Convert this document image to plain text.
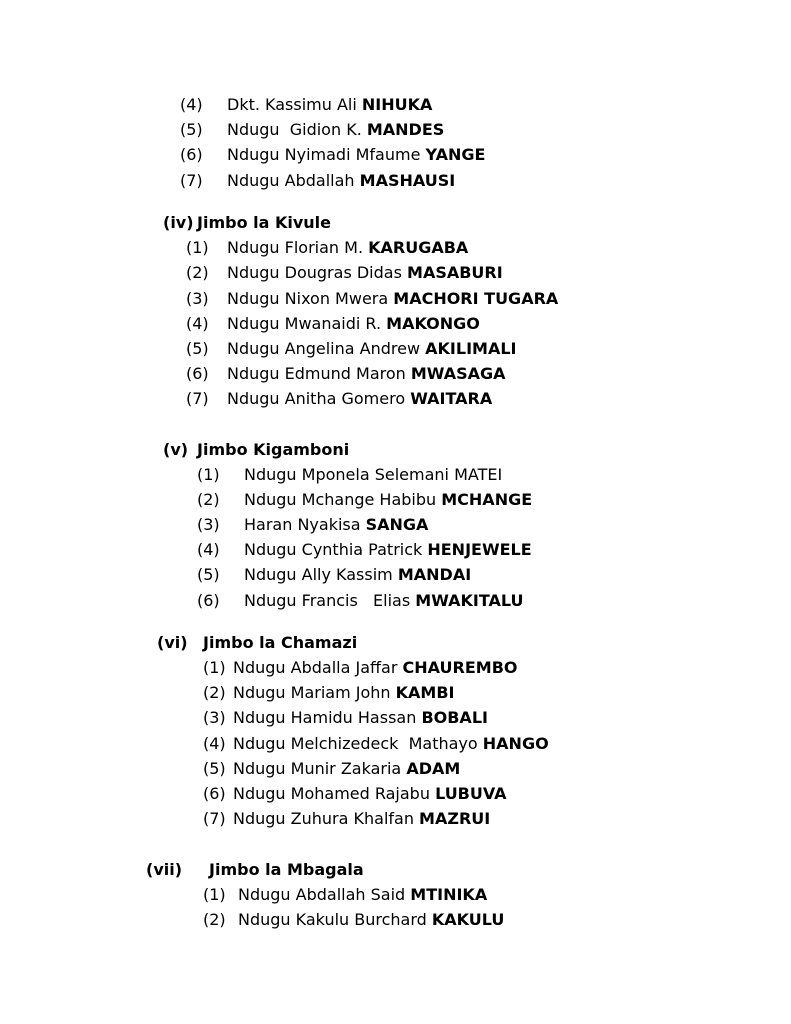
(4) Dkt. Kassimu Ali NIHUKA
(5) Ndugu  Gidion K. MANDES
(6) Ndugu Nyimadi Mfaume YANGE
(7) Ndugu Abdallah MASHAUSI
(iv) Jimbo la Kivule
(1) Ndugu Florian M. KARUGABA
(2) Ndugu Dougras Didas MASABURI
(3) Ndugu Nixon Mwera MACHORI TUGARA
(4) Ndugu Mwanaidi R. MAKONGO
(5) Ndugu Angelina Andrew AKILIMALI
(6) Ndugu Edmund Maron MWASAGA
(7) Ndugu Anitha Gomero WAITARA
(v) Jimbo Kigamboni
(1) Ndugu Mponela Selemani MATEI
(2) Ndugu Mchange Habibu MCHANGE
(3) Haran Nyakisa SANGA
(4) Ndugu Cynthia Patrick HENJEWELE
(5) Ndugu Ally Kassim MANDAI
(6) Ndugu Francis   Elias MWAKITALU
(vi) Jimbo la Chamazi
(1) Ndugu Abdalla Jaffar CHAUREMBO
(2) Ndugu Mariam John KAMBI
(3) Ndugu Hamidu Hassan BOBALI
(4) Ndugu Melchizedeck  Mathayo HANGO
(5) Ndugu Munir Zakaria ADAM
(6) Ndugu Mohamed Rajabu LUBUVA
(7) Ndugu Zuhura Khalfan MAZRUI
(vii) Jimbo la Mbagala
(1) Ndugu Abdallah Said MTINIKA
(2) Ndugu Kakulu Burchard KAKULU
